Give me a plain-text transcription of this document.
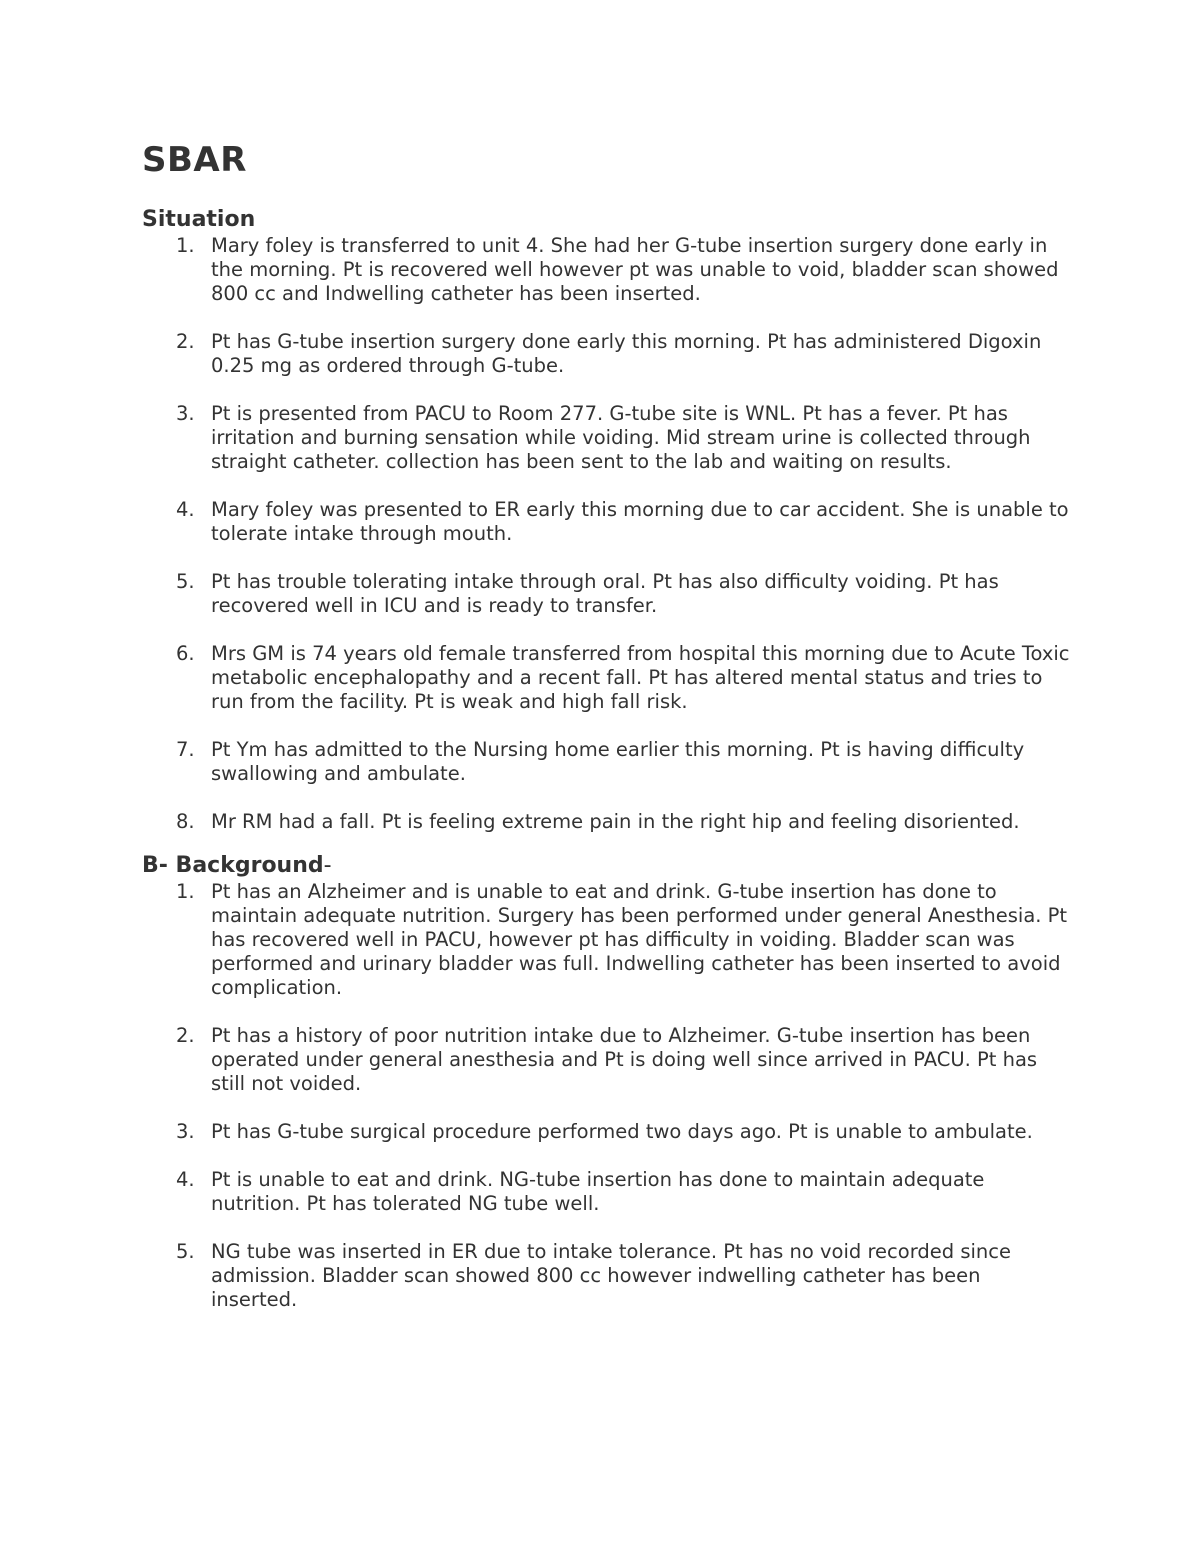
SBAR
Situation
1. Mary foley is transferred to unit 4. She had her G-tube insertion surgery done early in the morning. Pt is recovered well however pt was unable to void, bladder scan showed 800 cc and Indwelling catheter has been inserted.
2. Pt has G-tube insertion surgery done early this morning. Pt has administered Digoxin 0.25 mg as ordered through G-tube.
3. Pt is presented from PACU to Room 277. G-tube site is WNL. Pt has a fever. Pt has irritation and burning sensation while voiding. Mid stream urine is collected through straight catheter. collection has been sent to the lab and waiting on results.
4. Mary foley was presented to ER early this morning due to car accident. She is unable to tolerate intake through mouth.
5. Pt has trouble tolerating intake through oral. Pt has also difficulty voiding. Pt has recovered well in ICU and is ready to transfer.
6. Mrs GM is 74 years old female transferred from hospital this morning due to Acute Toxic metabolic encephalopathy and a recent fall. Pt has altered mental status and tries to run from the facility. Pt is weak and high fall risk.
7. Pt Ym has admitted to the Nursing home earlier this morning. Pt is having difficulty swallowing and ambulate.
8. Mr RM had a fall. Pt is feeling extreme pain in the right hip and feeling disoriented.
B- Background-
1. Pt has an Alzheimer and is unable to eat and drink. G-tube insertion has done to maintain adequate nutrition. Surgery has been performed under general Anesthesia. Pt has recovered well in PACU, however pt has difficulty in voiding. Bladder scan was performed and urinary bladder was full. Indwelling catheter has been inserted to avoid complication.
2. Pt has a history of poor nutrition intake due to Alzheimer. G-tube insertion has been operated under general anesthesia and Pt is doing well since arrived in PACU. Pt has still not voided.
3. Pt has G-tube surgical procedure performed two days ago. Pt is unable to ambulate.
4. Pt is unable to eat and drink. NG-tube insertion has done to maintain adequate nutrition. Pt has tolerated NG tube well.
5. NG tube was inserted in ER due to intake tolerance. Pt has no void recorded since admission. Bladder scan showed 800 cc however indwelling catheter has been inserted.
